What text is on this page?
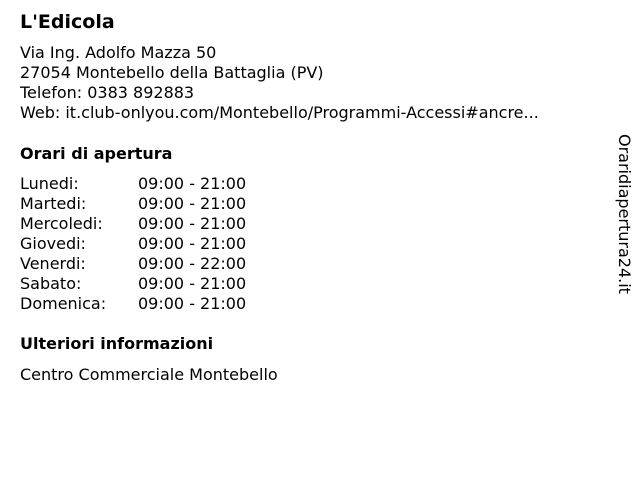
L'Edicola
Via Ing. Adolfo Mazza 50
27054 Montebello della Battaglia (PV)
Telefon: 0383 892883
Web: it.club-onlyou.com/Montebello/Programmi-Accessi#ancre...
Orari di apertura
Lunedi:	09:00 - 21:00
Martedi:	09:00 - 21:00
Mercoledi: 09:00 - 21:00
Giovedi:	09:00 - 21:00
Venerdi:	09:00 - 22:00
Sabato:	09:00 - 21:00
Domenica: 09:00 - 21:00
Ulteriori informazioni
Centro Commerciale Montebello
Oraridiapertura24.it
